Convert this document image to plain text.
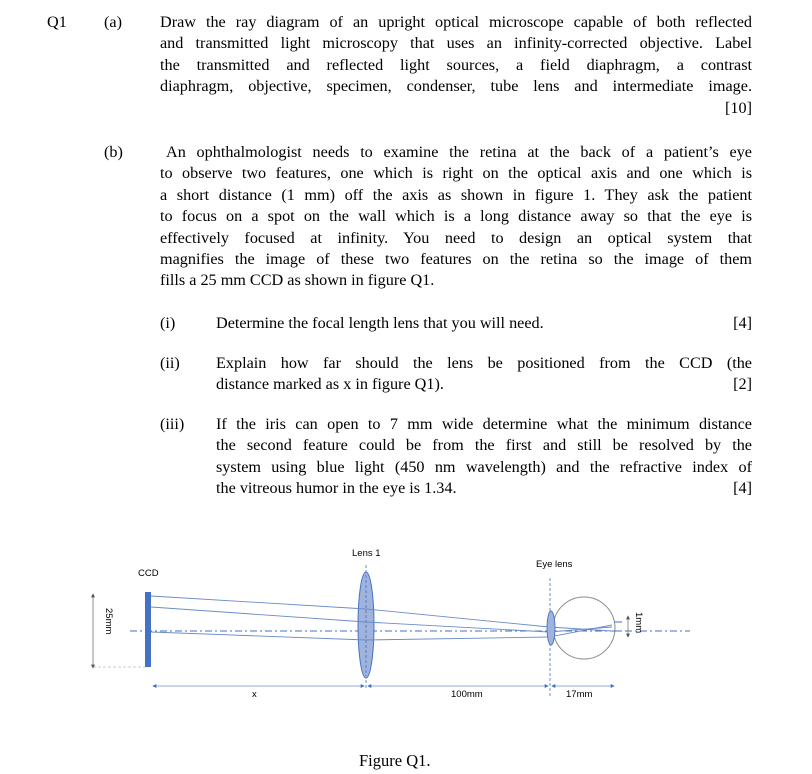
Q1 (a) Draw the ray diagram of an upright optical microscope capable of both reflected
and transmitted light microscopy that uses an infinity-corrected objective. Label
the transmitted and reflected light sources, a field diaphragm, a contrast
diaphragm, objective, specimen, condenser, tube lens and intermediate image.
[10]
(b)	An ophthalmologist needs to examine the retina at the back of a patient’s eye
to observe two features, one which is right on the optical axis and one which is
a short distance (1 mm) off the axis as shown in figure 1. They ask the patient
to focus on a spot on the wall which is a long distance away so that the eye is
effectively focused at infinity. You need to design an optical system that
magnifies the image of these two features on the retina so the image of them
fills a 25 mm CCD as shown in figure Q1.
(i)	Determine the focal length lens that you will need.	[4]
(ii) Explain how far should the lens be positioned from the CCD (the
distance marked as x in figure Q1).	[2]
(iii) If the iris can open to 7 mm wide determine what the minimum distance
the second feature could be from the first and still be resolved by the
system using blue light (450 nm wavelength) and the refractive index of
the vitreous humor in the eye is 1.34.	[4]
Lens 1
Eye lens
CCD
25mm	1mm
x	100mm	17mm
Figure Q1.
